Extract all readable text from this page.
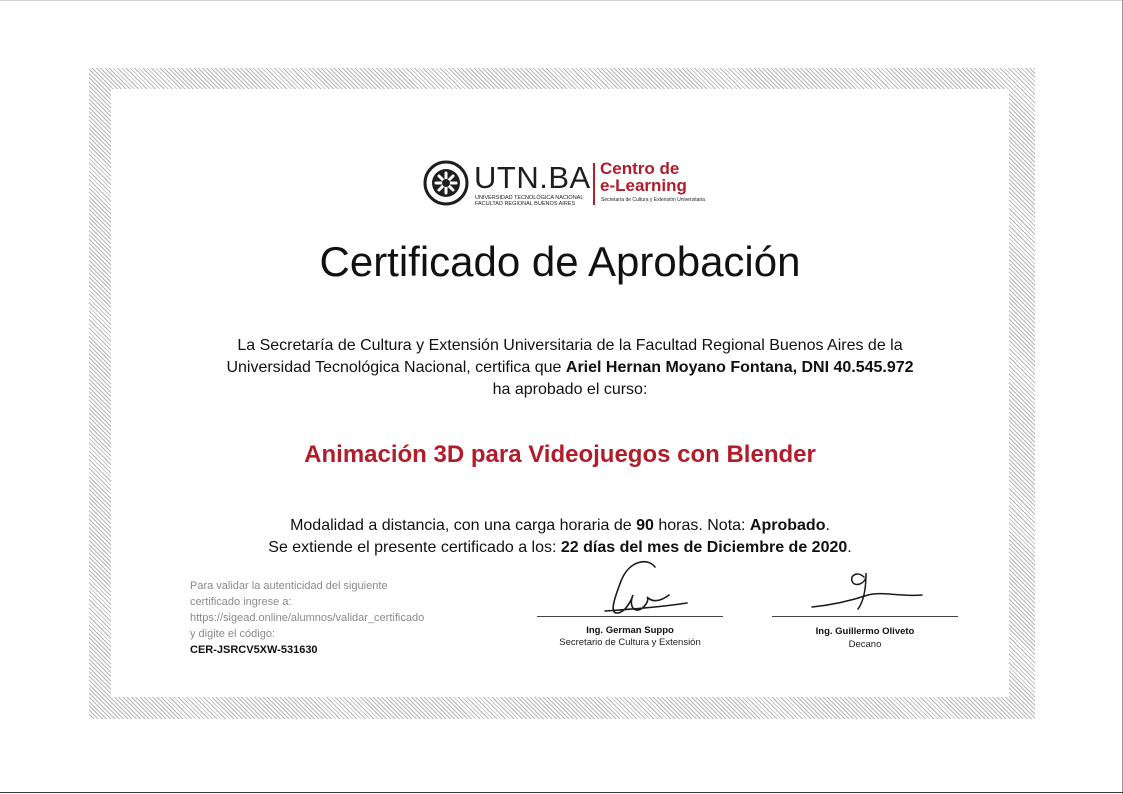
UTN.BA
UNIVERSIDAD TECNOLÓGICA NACIONAL
FACULTAD REGIONAL BUENOS AIRES
Centro de
e-Learning
Secretaría de Cultura y Extensión Universitaria
Certificado de Aprobación

La Secretaría de Cultura y Extensión Universitaria de la Facultad Regional Buenos Aires de la Universidad Tecnológica Nacional, certifica que Ariel Hernan Moyano Fontana, DNI 40.545.972 ha aprobado el curso:

Animación 3D para Videojuegos con Blender

Modalidad a distancia, con una carga horaria de 90 horas. Nota: Aprobado.
Se extiende el presente certificado a los: 22 días del mes de Diciembre de 2020.

Para validar la autenticidad del siguiente
certificado ingrese a:
https://sigead.online/alumnos/validar_certificado
y digite el código:
CER-JSRCV5XW-531630
Ing. German Suppo
Secretario de Cultura y Extensión
Ing. Guillermo Oliveto
Decano
